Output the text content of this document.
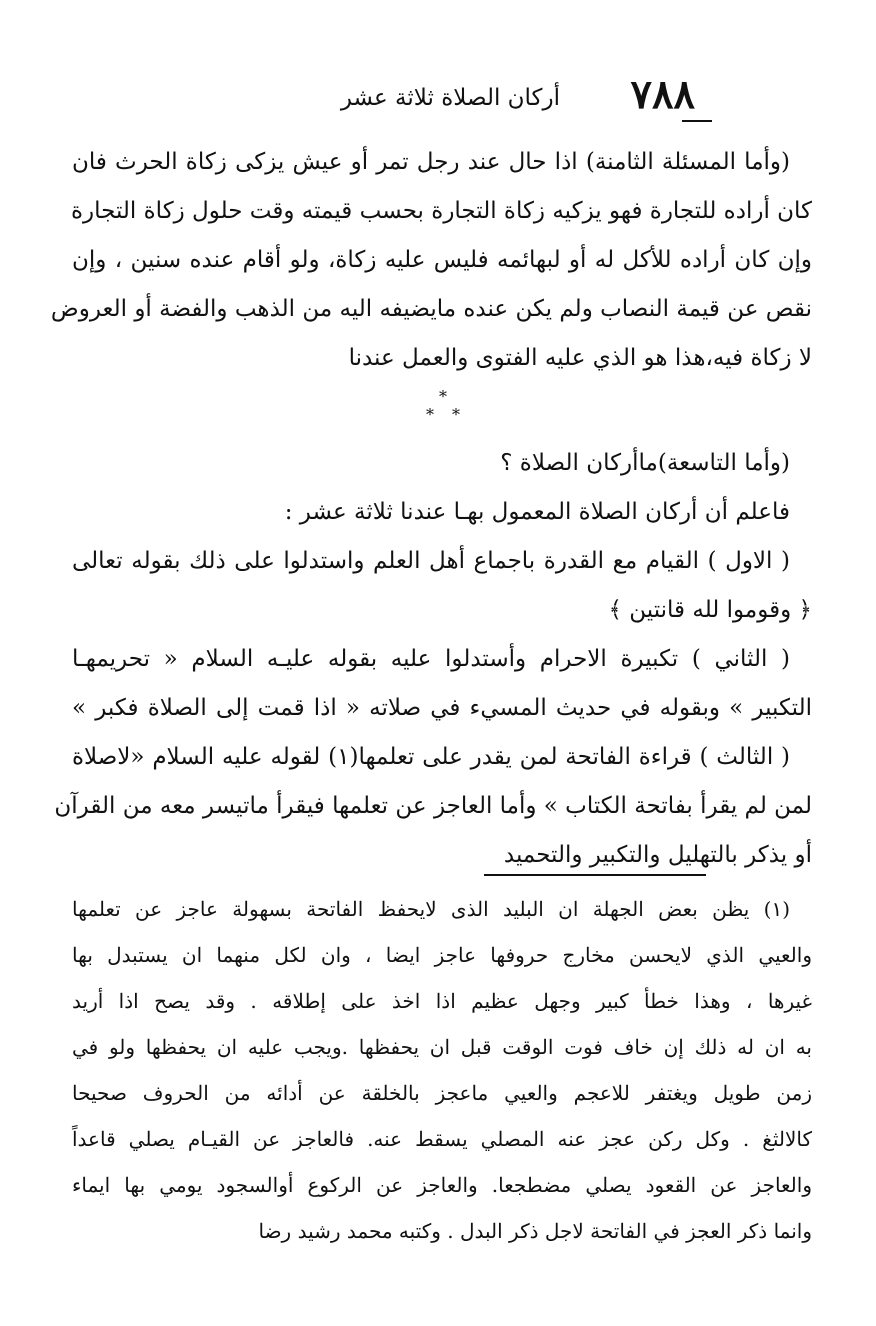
٧٨٨
أركان الصلاة ثلاثة عشر
(وأما المسئلة الثامنة) اذا حال عند رجل تمر أو عيش يزكى زكاة الحرث فان
كان أراده للتجارة فهو يزكيه زكاة التجارة بحسب قيمته وقت حلول زكاة التجارة
وإن كان أراده للأكل له أو لبهائمه فليس عليه زكاة، ولو أقام عنده سنين ، وإن
نقص عن قيمة النصاب ولم يكن عنده مايضيفه اليه من الذهب والفضة أو العروض
لا زكاة فيه،هذا هو الذي عليه الفتوى والعمل عندنا
*
* *
(وأما التاسعة)ماأركان الصلاة ؟
فاعلم أن أركان الصلاة المعمول بهـا عندنا ثلاثة عشر :
( الاول ) القيام مع القدرة باجماع أهل العلم واستدلوا على ذلك بقوله تعالى
﴿ وقوموا لله قانتين ﴾
( الثاني ) تكبيرة الاحرام وأستدلوا عليه بقوله عليـه السلام « تحريمهـا
التكبير » وبقوله في حديث المسيء في صلاته « اذا قمت إلى الصلاة فكبر »
( الثالث ) قراءة الفاتحة لمن يقدر على تعلمها(١) لقوله عليه السلام «لاصلاة
لمن لم يقرأ بفاتحة الكتاب » وأما العاجز عن تعلمها فيقرأ ماتيسر معه من القرآن
أو يذكر بالتهليل والتكبير والتحميد
(١) يظن بعض الجهلة ان البليد الذى لايحفظ الفاتحة بسهولة عاجز عن تعلمها
والعيي الذي لايحسن مخارج حروفها عاجز ايضا ، وان لكل منهما ان يستبدل بها
غيرها ، وهذا خطأ كبير وجهل عظيم اذا اخذ على إطلاقه . وقد يصح اذا أريد
به ان له ذلك إن خاف فوت الوقت قبل ان يحفظها .ويجب عليه ان يحفظها ولو في
زمن طويل ويغتفر للاعجم والعيي ماعجز بالخلقة عن أدائه من الحروف صحيحا
كالالثغ . وكل ركن عجز عنه المصلي يسقط عنه. فالعاجز عن القيـام يصلي قاعداً
والعاجز عن القعود يصلي مضطجعا. والعاجز عن الركوع أوالسجود يومي بها ايماء
وانما ذكر العجز في الفاتحة لاجل ذكر البدل . وكتبه محمد رشيد رضا
